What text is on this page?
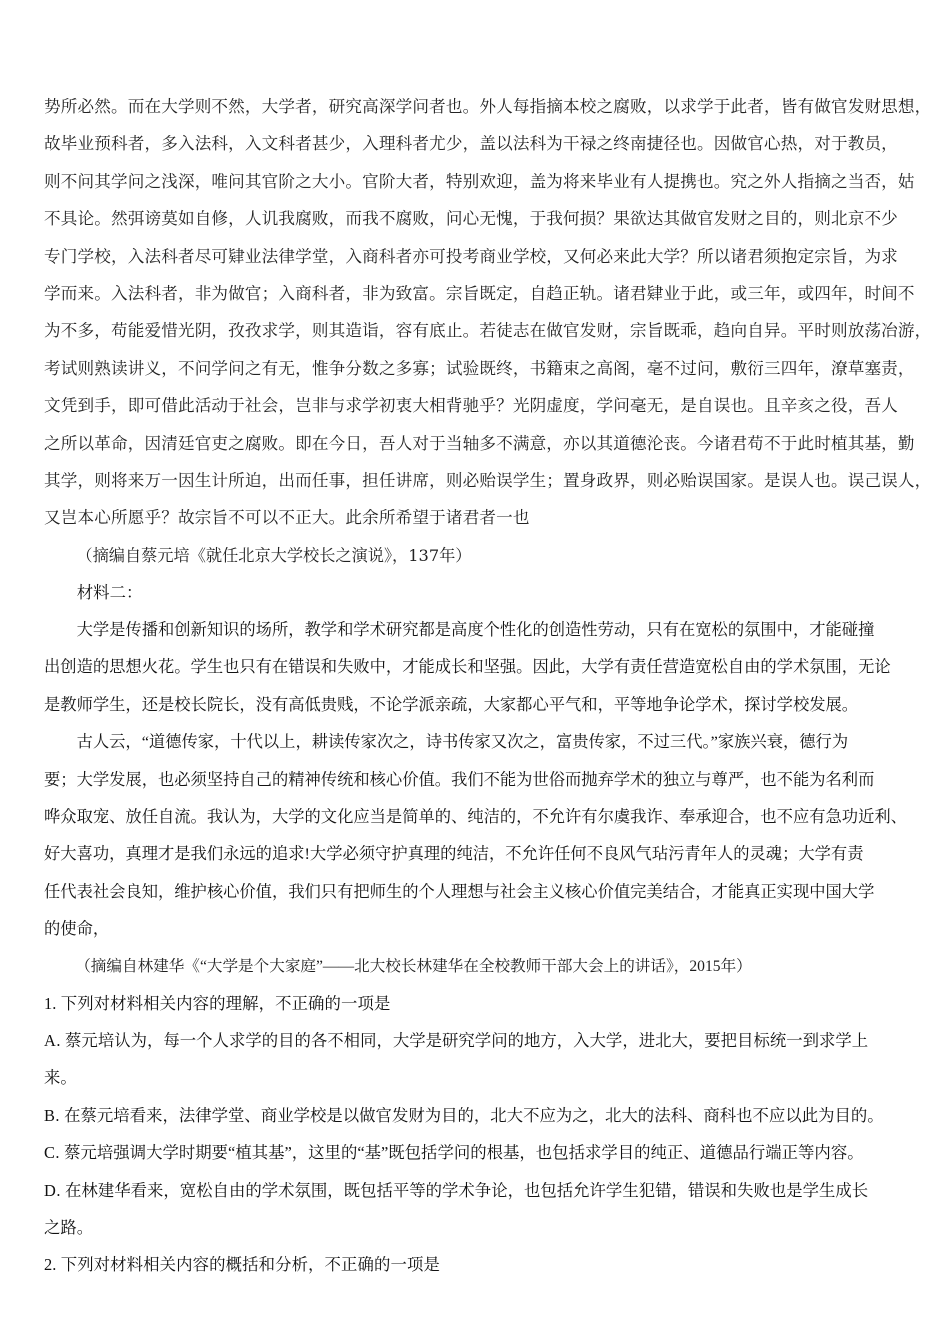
势所必然。而在大学则不然，大学者，研究高深学问者也。外人每指摘本校之腐败，以求学于此者，皆有做官发财思想，
故毕业预科者，多入法科，入文科者甚少，入理科者尤少，盖以法科为干禄之终南捷径也。因做官心热，对于教员，
则不问其学问之浅深，唯问其官阶之大小。官阶大者，特别欢迎，盖为将来毕业有人提携也。究之外人指摘之当否，姑
不具论。然弭谤莫如自修，人讥我腐败，而我不腐败，问心无愧，于我何损？果欲达其做官发财之目的，则北京不少
专门学校，入法科者尽可肄业法律学堂，入商科者亦可投考商业学校，又何必来此大学？所以诸君须抱定宗旨，为求
学而来。入法科者，非为做官；入商科者，非为致富。宗旨既定，自趋正轨。诸君肄业于此，或三年，或四年，时间不
为不多，苟能爱惜光阴，孜孜求学，则其造诣，容有底止。若徒志在做官发财，宗旨既乖，趋向自异。平时则放荡冶游，
考试则熟读讲义，不问学问之有无，惟争分数之多寡；试验既终，书籍束之高阁，毫不过问，敷衍三四年，潦草塞责，
文凭到手，即可借此活动于社会，岂非与求学初衷大相背驰乎？光阴虚度，学问毫无，是自误也。且辛亥之役，吾人
之所以革命，因清廷官吏之腐败。即在今日，吾人对于当轴多不满意，亦以其道德沦丧。今诸君苟不于此时植其基，勤
其学，则将来万一因生计所迫，出而任事，担任讲席，则必贻误学生；置身政界，则必贻误国家。是误人也。误己误人，
又岂本心所愿乎？故宗旨不可以不正大。此余所希望于诸君者一也

（摘编自蔡元培《就任北京大学校长之演说》，137年）

材料二：

　　大学是传播和创新知识的场所，教学和学术研究都是高度个性化的创造性劳动，只有在宽松的氛围中，才能碰撞
出创造的思想火花。学生也只有在错误和失败中，才能成长和坚强。因此，大学有责任营造宽松自由的学术氛围，无论
是教师学生，还是校长院长，没有高低贵贱，不论学派亲疏，大家都心平气和，平等地争论学术，探讨学校发展。
　　古人云，“道德传家，十代以上，耕读传家次之，诗书传家又次之，富贵传家，不过三代。”家族兴衰，德行为
要；大学发展，也必须坚持自己的精神传统和核心价值。我们不能为世俗而抛弃学术的独立与尊严，也不能为名利而
哗众取宠、放任自流。我认为，大学的文化应当是简单的、纯洁的，不允许有尔虞我诈、奉承迎合，也不应有急功近利、
好大喜功，真理才是我们永远的追求!大学必须守护真理的纯洁，不允许任何不良风气玷污青年人的灵魂；大学有责
任代表社会良知，维护核心价值，我们只有把师生的个人理想与社会主义核心价值完美结合，才能真正实现中国大学
的使命，

（摘编自林建华《“大学是个大家庭”——北大校长林建华在全校教师干部大会上的讲话》，2015年）

1. 下列对材料相关内容的理解，不正确的一项是
A. 蔡元培认为，每一个人求学的目的各不相同，大学是研究学问的地方，入大学，进北大，要把目标统一到求学上
来。
B. 在蔡元培看来，法律学堂、商业学校是以做官发财为目的，北大不应为之，北大的法科、商科也不应以此为目的。
C. 蔡元培强调大学时期要“植其基”，这里的“基”既包括学问的根基，也包括求学目的纯正、道德品行端正等内容。
D. 在林建华看来，宽松自由的学术氛围，既包括平等的学术争论，也包括允许学生犯错，错误和失败也是学生成长
之路。
2. 下列对材料相关内容的概括和分析，不正确的一项是
